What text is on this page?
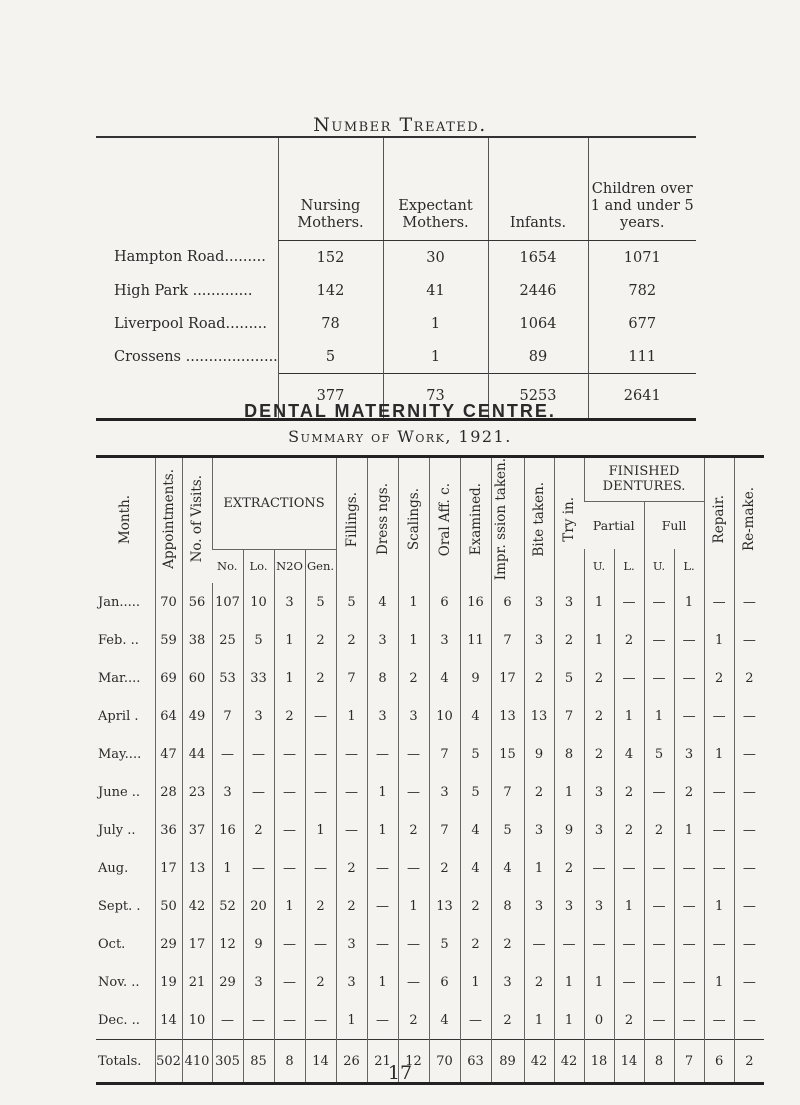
Number Treated.
	Nursing Mothers.	Expectant Mothers.	Infants.	Children over 1 and under 5 years.
Hampton Road.........	152	30	1654	1071
High Park .............	142	41	2446	782
Liverpool Road.........	78	1	1064	677
Crossens ....................	5	1	89	111
	377	73	5253	2641
DENTAL MATERNITY CENTRE.
Summary of Work, 1921.
Month.	Appointments.	No. of Visits.	EXTRACTIONS				Fillings.	Dress ngs.	Scalings.	Oral Aff. c.	Examined.	Impr. ssion taken.	Bite taken.	Try in.	FINISHED DENTURES.				Repair.	Re-make.
															Partial		Full			
			No.	Lo.	N2O	Gen.									U.	L.	U.	L.		
Jan.....	70	56	107	10	3	5	5	4	1	6	16	6	3	3	1	—	—	1	—	—
Feb. ..	59	38	25	5	1	2	2	3	1	3	11	7	3	2	1	2	—	—	1	—
Mar....	69	60	53	33	1	2	7	8	2	4	9	17	2	5	2	—	—	—	2	2
April .	64	49	7	3	2	—	1	3	3	10	4	13	13	7	2	1	1	—	—	—
May....	47	44	—	—	—	—	—	—	—	7	5	15	9	8	2	4	5	3	1	—
June ..	28	23	3	—	—	—	—	1	—	3	5	7	2	1	3	2	—	2	—	—
July ..	36	37	16	2	—	1	—	1	2	7	4	5	3	9	3	2	2	1	—	—
Aug.	17	13	1	—	—	—	2	—	—	2	4	4	1	2	—	—	—	—	—	—
Sept. .	50	42	52	20	1	2	2	—	1	13	2	8	3	3	3	1	—	—	1	—
Oct.	29	17	12	9	—	—	3	—	—	5	2	2	—	—	—	—	—	—	—	—
Nov. ..	19	21	29	3	—	2	3	1	—	6	1	3	2	1	1	—	—	—	1	—
Dec. ..	14	10	—	—	—	—	1	—	2	4	—	2	1	1	0	2	—	—	—	—
Totals.	502	410	305	85	8	14	26	21	12	70	63	89	42	42	18	14	8	7	6	2
17
